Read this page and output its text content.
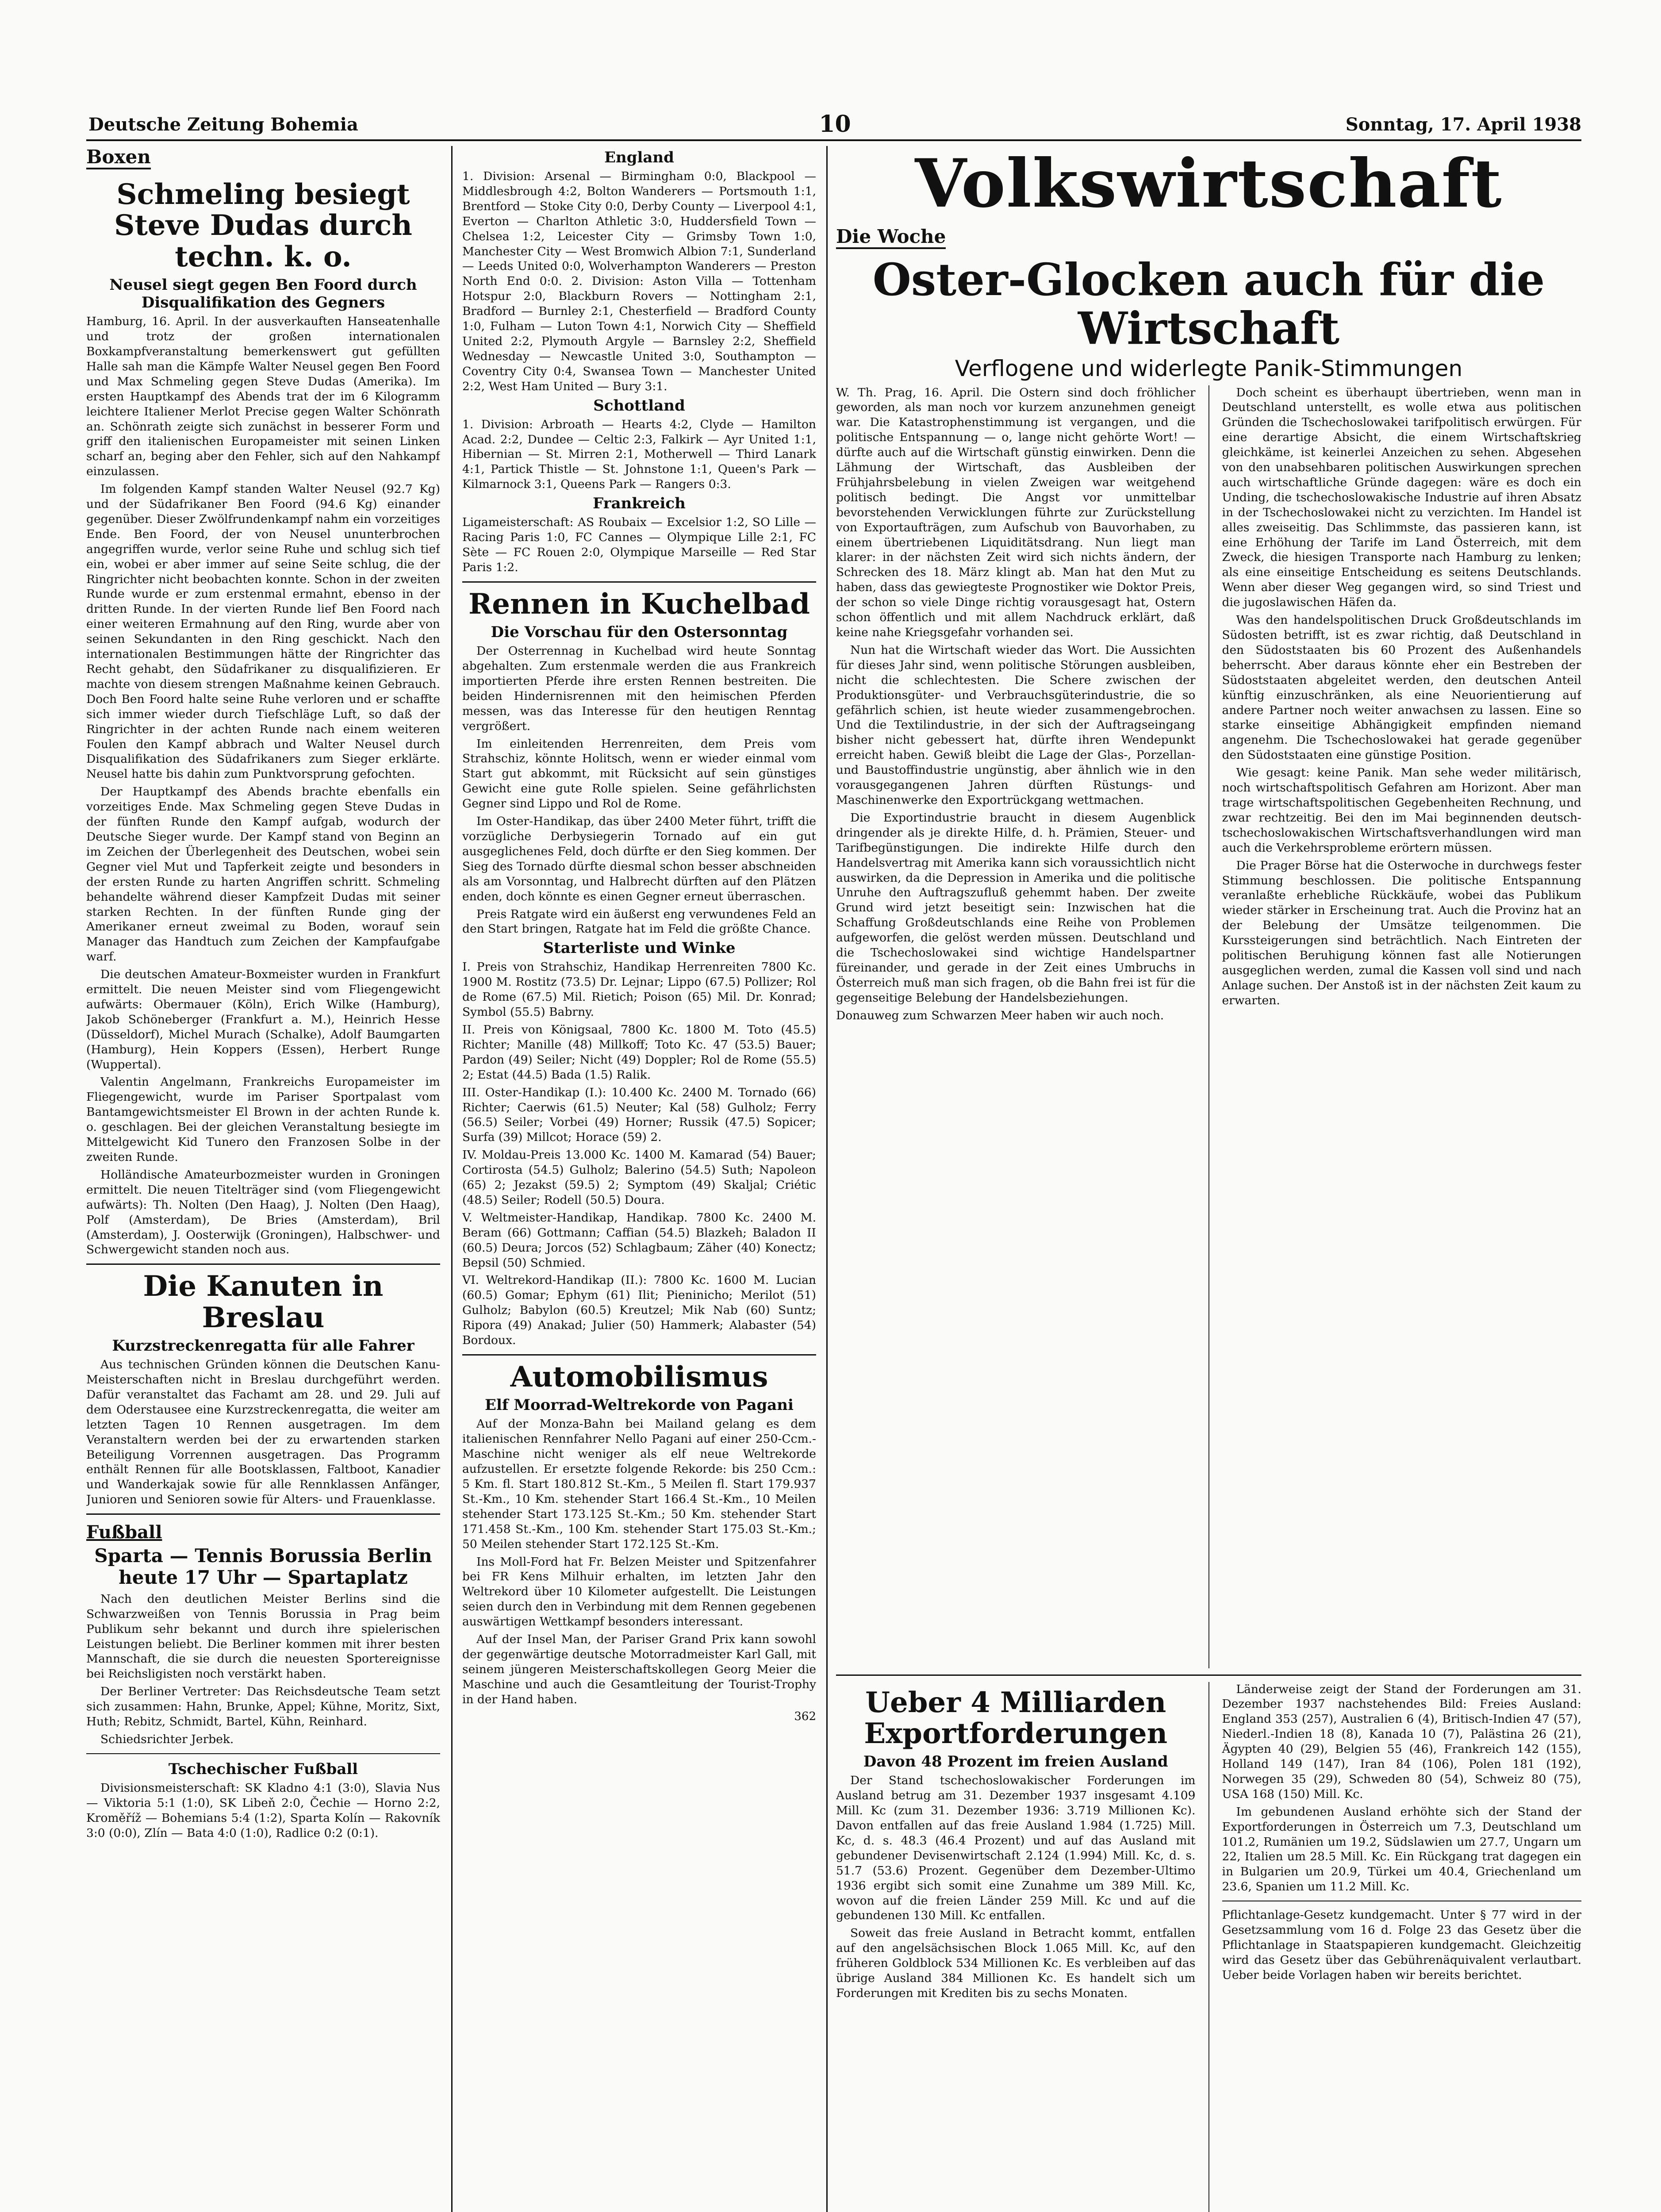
Deutsche Zeitung Bohemia	10	Sonntag, 17. April 1938
Boxen
Schmeling besiegt Steve Dudas durch techn. k. o.
Neusel siegt gegen Ben Foord durch Disqualifikation des Gegners

Hamburg, 16. April. In der ausverkauften Hanseatenhalle und trotz der großen internationalen Boxkampfveranstaltung bemerkenswert gut gefüllten Halle sah man die Kämpfe Walter Neusel gegen Ben Foord und Max Schmeling gegen Steve Dudas (Amerika). Im ersten Hauptkampf des Abends trat der im 6 Kilogramm leichtere Italiener Merlot Precise gegen Walter Schönrath an. Schönrath zeigte sich zunächst in besserer Form und griff den italienischen Europameister mit seinen Linken scharf an, beging aber den Fehler, sich auf den Nahkampf einzulassen.

Im folgenden Kampf standen Walter Neusel (92.7 Kg) und der Südafrikaner Ben Foord (94.6 Kg) einander gegenüber. Dieser Zwölfrundenkampf nahm ein vorzeitiges Ende. Ben Foord, der von Neusel ununterbrochen angegriffen wurde, verlor seine Ruhe und schlug sich tief ein, wobei er aber immer auf seine Seite schlug, die der Ringrichter nicht beobachten konnte. Schon in der zweiten Runde wurde er zum erstenmal ermahnt, ebenso in der dritten Runde. In der vierten Runde lief Ben Foord nach einer weiteren Ermahnung auf den Ring, wurde aber von seinen Sekundanten in den Ring geschickt. Nach den internationalen Bestimmungen hätte der Ringrichter das Recht gehabt, den Südafrikaner zu disqualifizieren. Er machte von diesem strengen Maßnahme keinen Gebrauch. Doch Ben Foord halte seine Ruhe verloren und er schaffte sich immer wieder durch Tiefschläge Luft, so daß der Ringrichter in der achten Runde nach einem weiteren Foulen den Kampf abbrach und Walter Neusel durch Disqualifikation des Südafrikaners zum Sieger erklärte. Neusel hatte bis dahin zum Punktvorsprung gefochten.

Der Hauptkampf des Abends brachte ebenfalls ein vorzeitiges Ende. Max Schmeling gegen Steve Dudas in der fünften Runde den Kampf aufgab, wodurch der Deutsche Sieger wurde. Der Kampf stand von Beginn an im Zeichen der Überlegenheit des Deutschen, wobei sein Gegner viel Mut und Tapferkeit zeigte und besonders in der ersten Runde zu harten Angriffen schritt. Schmeling behandelte während dieser Kampfzeit Dudas mit seiner starken Rechten. In der fünften Runde ging der Amerikaner erneut zweimal zu Boden, worauf sein Manager das Handtuch zum Zeichen der Kampfaufgabe warf.

Die deutschen Amateur-Boxmeister wurden in Frankfurt ermittelt. Die neuen Meister sind vom Fliegengewicht aufwärts: Obermauer (Köln), Erich Wilke (Hamburg), Jakob Schöneberger (Frankfurt a. M.), Heinrich Hesse (Düsseldorf), Michel Murach (Schalke), Adolf Baumgarten (Hamburg), Hein Koppers (Essen), Herbert Runge (Wuppertal).

Valentin Angelmann, Frankreichs Europameister im Fliegengewicht, wurde im Pariser Sportpalast vom Bantamgewichtsmeister El Brown in der achten Runde k. o. geschlagen. Bei der gleichen Veranstaltung besiegte im Mittelgewicht Kid Tunero den Franzosen Solbe in der zweiten Runde.

Holländische Amateurbozmeister wurden in Groningen ermittelt. Die neuen Titelträger sind (vom Fliegengewicht aufwärts): Th. Nolten (Den Haag), J. Nolten (Den Haag), Polf (Amsterdam), De Bries (Amsterdam), Bril (Amsterdam), J. Oosterwijk (Groningen), Halbschwer- und Schwergewicht standen noch aus.

Die Kanuten in Breslau
Kurzstreckenregatta für alle Fahrer

Aus technischen Gründen können die Deutschen Kanu-Meisterschaften nicht in Breslau durchgeführt werden. Dafür veranstaltet das Fachamt am 28. und 29. Juli auf dem Oderstausee eine Kurzstreckenregatta, die weiter am letzten Tagen 10 Rennen ausgetragen. Im dem Veranstaltern werden bei der zu erwartenden starken Beteiligung Vorrennen ausgetragen. Das Programm enthält Rennen für alle Bootsklassen, Faltboot, Kanadier und Wanderkajak sowie für alle Rennklassen Anfänger, Junioren und Senioren sowie für Alters- und Frauenklasse.

Fußball
Sparta — Tennis Borussia Berlin heute 17 Uhr — Spartaplatz

Nach den deutlichen Meister Berlins sind die Schwarzweißen von Tennis Borussia in Prag beim Publikum sehr bekannt und durch ihre spielerischen Leistungen beliebt. Die Berliner kommen mit ihrer besten Mannschaft, die sie durch die neuesten Sportereignisse bei Reichsligisten noch verstärkt haben.

Der Berliner Vertreter: Das Reichsdeutsche Team setzt sich zusammen: Hahn, Brunke, Appel; Kühne, Moritz, Sixt, Huth; Rebitz, Schmidt, Bartel, Kühn, Reinhard.

Schiedsrichter Jerbek.

Tschechischer Fußball

Divisionsmeisterschaft: SK Kladno 4:1 (3:0), Slavia Nus — Viktoria 5:1 (1:0), SK Libeň 2:0, Čechie — Horno 2:2, Kroměříž — Bohemians 5:4 (1:2), Sparta Kolín — Rakovník 3:0 (0:0), Zlín — Bata 4:0 (1:0), Radlice 0:2 (0:1).

England

1. Division: Arsenal — Birmingham 0:0, Blackpool — Middlesbrough 4:2, Bolton Wanderers — Portsmouth 1:1, Brentford — Stoke City 0:0, Derby County — Liverpool 4:1, Everton — Charlton Athletic 3:0, Huddersfield Town — Chelsea 1:2, Leicester City — Grimsby Town 1:0, Manchester City — West Bromwich Albion 7:1, Sunderland — Leeds United 0:0, Wolverhampton Wanderers — Preston North End 0:0. 2. Division: Aston Villa — Tottenham Hotspur 2:0, Blackburn Rovers — Nottingham 2:1, Bradford — Burnley 2:1, Chesterfield — Bradford County 1:0, Fulham — Luton Town 4:1, Norwich City — Sheffield United 2:2, Plymouth Argyle — Barnsley 2:2, Sheffield Wednesday — Newcastle United 3:0, Southampton — Coventry City 0:4, Swansea Town — Manchester United 2:2, West Ham United — Bury 3:1.

Schottland

1. Division: Arbroath — Hearts 4:2, Clyde — Hamilton Acad. 2:2, Dundee — Celtic 2:3, Falkirk — Ayr United 1:1, Hibernian — St. Mirren 2:1, Motherwell — Third Lanark 4:1, Partick Thistle — St. Johnstone 1:1, Queen's Park — Kilmarnock 3:1, Queens Park — Rangers 0:3.

Frankreich

Ligameisterschaft: AS Roubaix — Excelsior 1:2, SO Lille — Racing Paris 1:0, FC Cannes — Olympique Lille 2:1, FC Sète — FC Rouen 2:0, Olympique Marseille — Red Star Paris 1:2.

Rennen in Kuchelbad
Die Vorschau für den Ostersonntag

Der Osterrennag in Kuchelbad wird heute Sonntag abgehalten. Zum erstenmale werden die aus Frankreich importierten Pferde ihre ersten Rennen bestreiten. Die beiden Hindernisrennen mit den heimischen Pferden messen, was das Interesse für den heutigen Renntag vergrößert.

Im einleitenden Herrenreiten, dem Preis vom Strahschiz, könnte Holitsch, wenn er wieder einmal vom Start gut abkommt, mit Rücksicht auf sein günstiges Gewicht eine gute Rolle spielen. Seine gefährlichsten Gegner sind Lippo und Rol de Rome.

Im Oster-Handikap, das über 2400 Meter führt, trifft die vorzügliche Derbysiegerin Tornado auf ein gut ausgeglichenes Feld, doch dürfte er den Sieg kommen. Der Sieg des Tornado dürfte diesmal schon besser abschneiden als am Vorsonntag, und Halbrecht dürften auf den Plätzen enden, doch könnte es einen Gegner erneut überraschen.

Preis Ratgate wird ein äußerst eng verwundenes Feld an den Start bringen, Ratgate hat im Feld die größte Chance.

Starterliste und Winke

I. Preis von Strahschiz, Handikap Herrenreiten 7800 Kc. 1900 M. Rostitz (73.5) Dr. Lejnar; Lippo (67.5) Pollizer; Rol de Rome (67.5) Mil. Rietich; Poison (65) Mil. Dr. Konrad; Symbol (55.5) Babrny.

II. Preis von Königsaal, 7800 Kc. 1800 M. Toto (45.5) Richter; Manille (48) Millkoff; Toto Kc. 47 (53.5) Bauer; Pardon (49) Seiler; Nicht (49) Doppler; Rol de Rome (55.5) 2; Estat (44.5) Bada (1.5) Ralik.

III. Oster-Handikap (I.): 10.400 Kc. 2400 M. Tornado (66) Richter; Caerwis (61.5) Neuter; Kal (58) Gulholz; Ferry (56.5) Seiler; Vorbei (49) Horner; Russik (47.5) Sopicer; Surfa (39) Millcot; Horace (59) 2.

IV. Moldau-Preis 13.000 Kc. 1400 M. Kamarad (54) Bauer; Cortirosta (54.5) Gulholz; Balerino (54.5) Suth; Napoleon (65) 2; Jezakst (59.5) 2; Symptom (49) Skaljal; Criétic (48.5) Seiler; Rodell (50.5) Doura.

V. Weltmeister-Handikap, Handikap. 7800 Kc. 2400 M. Beram (66) Gottmann; Caffian (54.5) Blazkeh; Baladon II (60.5) Deura; Jorcos (52) Schlagbaum; Zäher (40) Konectz; Bepsil (50) Schmied.

VI. Weltrekord-Handikap (II.): 7800 Kc. 1600 M. Lucian (60.5) Gomar; Ephym (61) Ilit; Pieninicho; Merilot (51) Gulholz; Babylon (60.5) Kreutzel; Mik Nab (60) Suntz; Ripora (49) Anakad; Julier (50) Hammerk; Alabaster (54) Bordoux.

Automobilismus
Elf Moorrad-Weltrekorde von Pagani

Auf der Monza-Bahn bei Mailand gelang es dem italienischen Rennfahrer Nello Pagani auf einer 250-Ccm.-Maschine nicht weniger als elf neue Weltrekorde aufzustellen. Er ersetzte folgende Rekorde: bis 250 Ccm.: 5 Km. fl. Start 180.812 St.-Km., 5 Meilen fl. Start 179.937 St.-Km., 10 Km. stehender Start 166.4 St.-Km., 10 Meilen stehender Start 173.125 St.-Km.; 50 Km. stehender Start 171.458 St.-Km., 100 Km. stehender Start 175.03 St.-Km.; 50 Meilen stehender Start 172.125 St.-Km.

Ins Moll-Ford hat Fr. Belzen Meister und Spitzenfahrer bei FR Kens Milhuir erhalten, im letzten Jahr den Weltrekord über 10 Kilometer aufgestellt. Die Leistungen seien durch den in Verbindung mit dem Rennen gegebenen auswärtigen Wettkampf besonders interessant.

Auf der Insel Man, der Pariser Grand Prix kann sowohl der gegenwärtige deutsche Motorradmeister Karl Gall, mit seinem jüngeren Meisterschaftskollegen Georg Meier die Maschine und auch die Gesamtleitung der Tourist-Trophy in der Hand haben.

362
Volkswirtschaft
Die Woche
Oster-Glocken auch für die Wirtschaft
Verflogene und widerlegte Panik-Stimmungen

W. Th. Prag, 16. April. Die Ostern sind doch fröhlicher geworden, als man noch vor kurzem anzunehmen geneigt war. Die Katastrophenstimmung ist vergangen, und die politische Entspannung — o, lange nicht gehörte Wort! — dürfte auch auf die Wirtschaft günstig einwirken. Denn die Lähmung der Wirtschaft, das Ausbleiben der Frühjahrsbelebung in vielen Zweigen war weitgehend politisch bedingt. Die Angst vor unmittelbar bevorstehenden Verwicklungen führte zur Zurückstellung von Exportaufträgen, zum Aufschub von Bauvorhaben, zu einem übertriebenen Liquiditätsdrang. Nun liegt man klarer: in der nächsten Zeit wird sich nichts ändern, der Schrecken des 18. März klingt ab. Man hat den Mut zu haben, dass das gewiegteste Prognostiker wie Doktor Preis, der schon so viele Dinge richtig vorausgesagt hat, Ostern schon öffentlich und mit allem Nachdruck erklärt, daß keine nahe Kriegsgefahr vorhanden sei.

Nun hat die Wirtschaft wieder das Wort. Die Aussichten für dieses Jahr sind, wenn politische Störungen ausbleiben, nicht die schlechtesten. Die Schere zwischen der Produktionsgüter- und Verbrauchsgüterindustrie, die so gefährlich schien, ist heute wieder zusammengebrochen. Und die Textilindustrie, in der sich der Auftragseingang bisher nicht gebessert hat, dürfte ihren Wendepunkt erreicht haben. Gewiß bleibt die Lage der Glas-, Porzellan- und Baustoffindustrie ungünstig, aber ähnlich wie in den vorausgegangenen Jahren dürften Rüstungs- und Maschinenwerke den Exportrückgang wettmachen.

Die Exportindustrie braucht in diesem Augenblick dringender als je direkte Hilfe, d. h. Prämien, Steuer- und Tarifbegünstigungen. Die indirekte Hilfe durch den Handelsvertrag mit Amerika kann sich voraussichtlich nicht auswirken, da die Depression in Amerika und die politische Unruhe den Auftragszufluß gehemmt haben. Der zweite Grund wird jetzt beseitigt sein: Inzwischen hat die Schaffung Großdeutschlands eine Reihe von Problemen aufgeworfen, die gelöst werden müssen. Deutschland und die Tschechoslowakei sind wichtige Handelspartner füreinander, und gerade in der Zeit eines Umbruchs in Österreich muß man sich fragen, ob die Bahn frei ist für die gegenseitige Belebung der Handelsbeziehungen.

Donauweg zum Schwarzen Meer haben wir auch noch.

Doch scheint es überhaupt übertrieben, wenn man in Deutschland unterstellt, es wolle etwa aus politischen Gründen die Tschechoslowakei tarifpolitisch erwürgen. Für eine derartige Absicht, die einem Wirtschaftskrieg gleichkäme, ist keinerlei Anzeichen zu sehen. Abgesehen von den unabsehbaren politischen Auswirkungen sprechen auch wirtschaftliche Gründe dagegen: wäre es doch ein Unding, die tschechoslowakische Industrie auf ihren Absatz in der Tschechoslowakei nicht zu verzichten. Im Handel ist alles zweiseitig. Das Schlimmste, das passieren kann, ist eine Erhöhung der Tarife im Land Österreich, mit dem Zweck, die hiesigen Transporte nach Hamburg zu lenken; als eine einseitige Entscheidung es seitens Deutschlands. Wenn aber dieser Weg gegangen wird, so sind Triest und die jugoslawischen Häfen da.

Was den handelspolitischen Druck Großdeutschlands im Südosten betrifft, ist es zwar richtig, daß Deutschland in den Südoststaaten bis 60 Prozent des Außenhandels beherrscht. Aber daraus könnte eher ein Bestreben der Südoststaaten abgeleitet werden, den deutschen Anteil künftig einzuschränken, als eine Neuorientierung auf andere Partner noch weiter anwachsen zu lassen. Eine so starke einseitige Abhängigkeit empfinden niemand angenehm. Die Tschechoslowakei hat gerade gegenüber den Südoststaaten eine günstige Position.

Wie gesagt: keine Panik. Man sehe weder militärisch, noch wirtschaftspolitisch Gefahren am Horizont. Aber man trage wirtschaftspolitischen Gegebenheiten Rechnung, und zwar rechtzeitig. Bei den im Mai beginnenden deutsch-tschechoslowakischen Wirtschaftsverhandlungen wird man auch die Verkehrsprobleme erörtern müssen.

Die Prager Börse hat die Osterwoche in durchwegs fester Stimmung beschlossen. Die politische Entspannung veranlaßte erhebliche Rückkäufe, wobei das Publikum wieder stärker in Erscheinung trat. Auch die Provinz hat an der Belebung der Umsätze teilgenommen. Die Kurssteigerungen sind beträchtlich. Nach Eintreten der politischen Beruhigung können fast alle Notierungen ausgeglichen werden, zumal die Kassen voll sind und nach Anlage suchen. Der Anstoß ist in der nächsten Zeit kaum zu erwarten.

Ueber 4 Milliarden Exportforderungen
Davon 48 Prozent im freien Ausland

Der Stand tschechoslowakischer Forderungen im Ausland betrug am 31. Dezember 1937 insgesamt 4.109 Mill. Kc (zum 31. Dezember 1936: 3.719 Millionen Kc). Davon entfallen auf das freie Ausland 1.984 (1.725) Mill. Kc, d. s. 48.3 (46.4 Prozent) und auf das Ausland mit gebundener Devisenwirtschaft 2.124 (1.994) Mill. Kc, d. s. 51.7 (53.6) Prozent. Gegenüber dem Dezember-Ultimo 1936 ergibt sich somit eine Zunahme um 389 Mill. Kc, wovon auf die freien Länder 259 Mill. Kc und auf die gebundenen 130 Mill. Kc entfallen.

Soweit das freie Ausland in Betracht kommt, entfallen auf den angelsächsischen Block 1.065 Mill. Kc, auf den früheren Goldblock 534 Millionen Kc. Es verbleiben auf das übrige Ausland 384 Millionen Kc. Es handelt sich um Forderungen mit Krediten bis zu sechs Monaten.

Länderweise zeigt der Stand der Forderungen am 31. Dezember 1937 nachstehendes Bild: Freies Ausland: England 353 (257), Australien 6 (4), Britisch-Indien 47 (57), Niederl.-Indien 18 (8), Kanada 10 (7), Palästina 26 (21), Ägypten 40 (29), Belgien 55 (46), Frankreich 142 (155), Holland 149 (147), Iran 84 (106), Polen 181 (192), Norwegen 35 (29), Schweden 80 (54), Schweiz 80 (75), USA 168 (150) Mill. Kc.

Im gebundenen Ausland erhöhte sich der Stand der Exportforderungen in Österreich um 7.3, Deutschland um 101.2, Rumänien um 19.2, Südslawien um 27.7, Ungarn um 22, Italien um 28.5 Mill. Kc. Ein Rückgang trat dagegen ein in Bulgarien um 20.9, Türkei um 40.4, Griechenland um 23.6, Spanien um 11.2 Mill. Kc.

Pflichtanlage-Gesetz kundgemacht. Unter § 77 wird in der Gesetzsammlung vom 16 d. Folge 23 das Gesetz über die Pflichtanlage in Staatspapieren kundgemacht. Gleichzeitig wird das Gesetz über das Gebührenäquivalent verlautbart. Ueber beide Vorlagen haben wir bereits berichtet.
